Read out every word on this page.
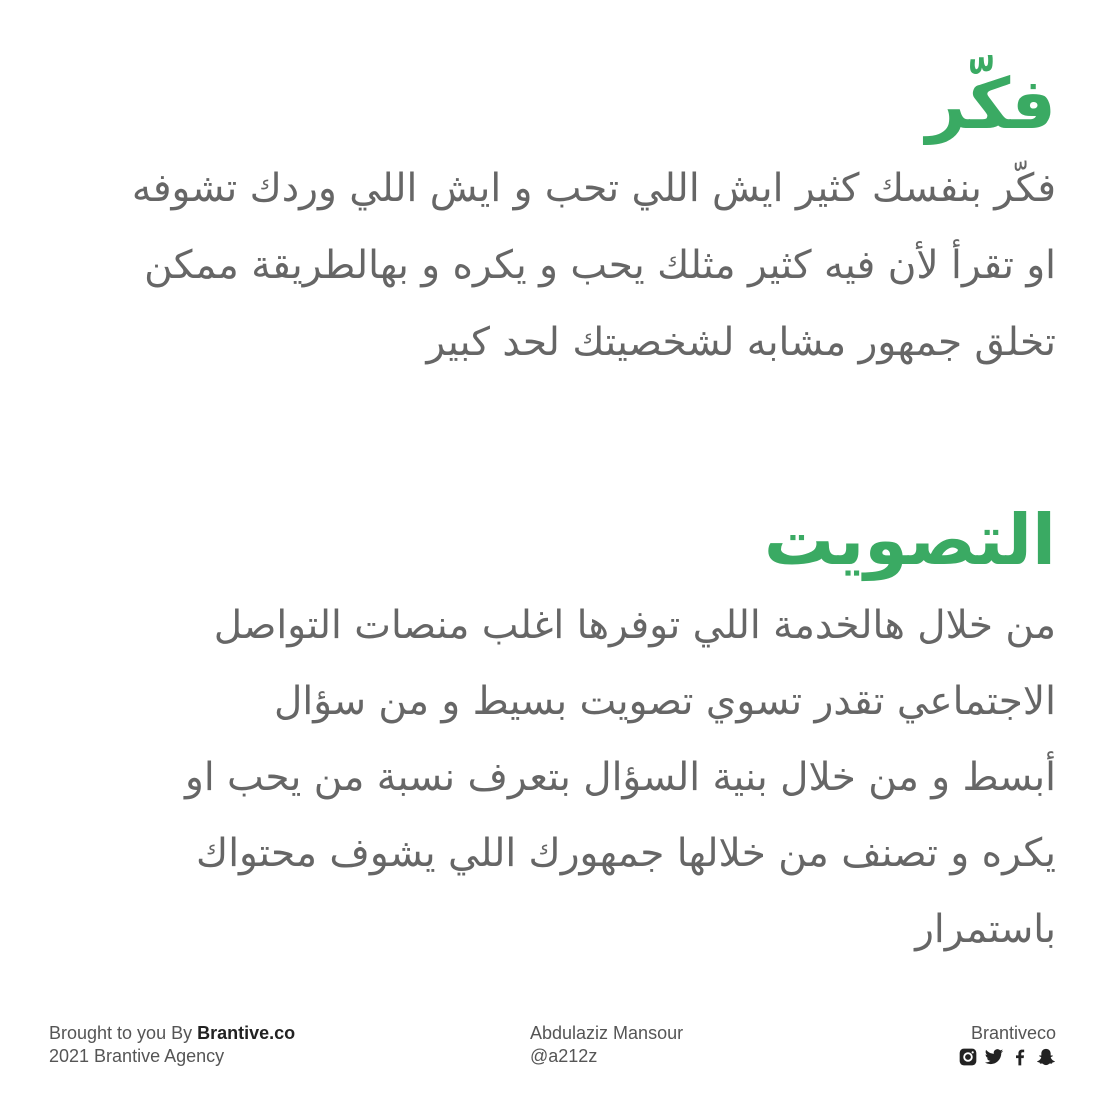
فكّر

فكّر بنفسك كثير ايش اللي تحب و ايش اللي وردك تشوفه
او تقرأ لأن فيه كثير مثلك يحب و يكره و بهالطريقة ممكن
تخلق جمهور مشابه لشخصيتك لحد كبير

التصويت

من خلال هالخدمة اللي توفرها اغلب منصات التواصل
الاجتماعي تقدر تسوي تصويت بسيط و من سؤال
أبسط و من خلال بنية السؤال بتعرف نسبة من يحب او
يكره و تصنف من خلالها جمهورك اللي يشوف محتواك
باستمرار

Brought to you By Brantive.co
2021 Brantive Agency
Abdulaziz Mansour
@a212z
Brantiveco
